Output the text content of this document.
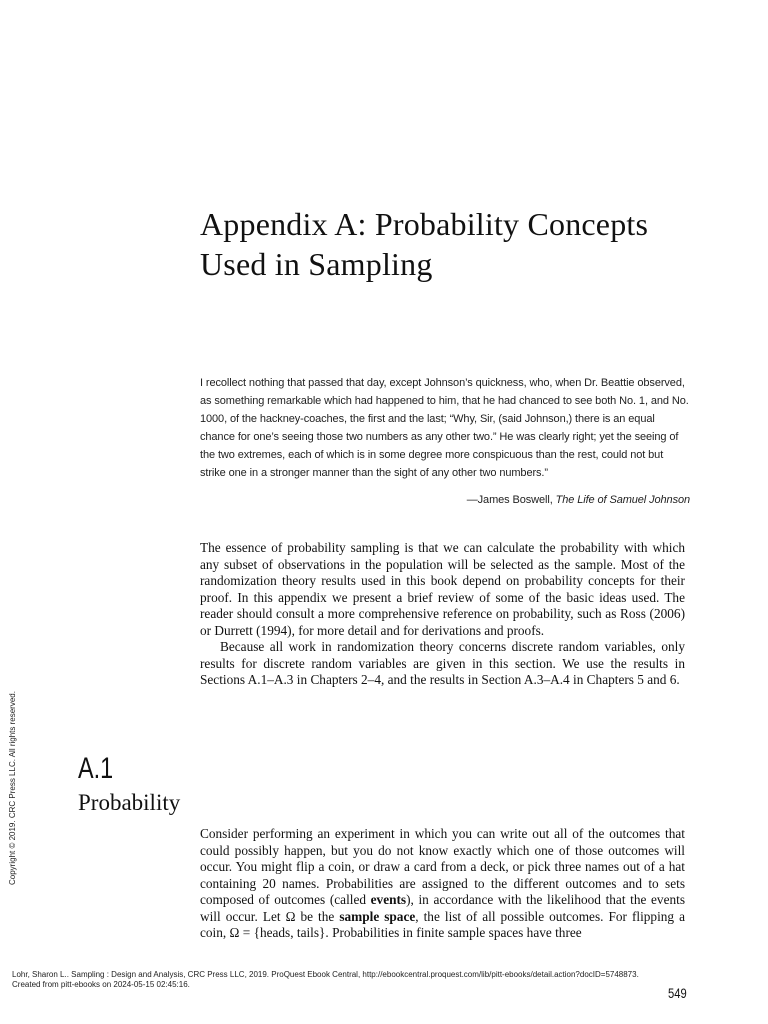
Appendix A: Probability Concepts
Used in Sampling

I recollect nothing that passed that day, except Johnson’s quickness, who, when Dr. Beattie observed, as something remarkable which had happened to him, that he had chanced to see both No. 1, and No. 1000, of the hackney-coaches, the first and the last; “Why, Sir, (said Johnson,) there is an equal chance for one’s seeing those two numbers as any other two.” He was clearly right; yet the seeing of the two extremes, each of which is in some degree more conspicuous than the rest, could not but strike one in a stronger manner than the sight of any other two numbers.”

—James Boswell, The Life of Samuel Johnson

The essence of probability sampling is that we can calculate the probability with which any subset of observations in the population will be selected as the sample. Most of the randomization theory results used in this book depend on probability concepts for their proof. In this appendix we present a brief review of some of the basic ideas used. The reader should consult a more comprehensive reference on probability, such as Ross (2006) or Durrett (1994), for more detail and for derivations and proofs.

Because all work in randomization theory concerns discrete random variables, only results for discrete random variables are given in this section. We use the results in Sections A.1–A.3 in Chapters 2–4, and the results in Section A.3–A.4 in Chapters 5 and 6.

A.1
Probability

Consider performing an experiment in which you can write out all of the outcomes that could possibly happen, but you do not know exactly which one of those outcomes will occur. You might flip a coin, or draw a card from a deck, or pick three names out of a hat containing 20 names. Probabilities are assigned to the different outcomes and to sets composed of outcomes (called events), in accordance with the likelihood that the events will occur. Let Ω be the sample space, the list of all possible outcomes. For flipping a coin, Ω = {heads, tails}. Probabilities in finite sample spaces have three

Copyright © 2019. CRC Press LLC. All rights reserved.
Lohr, Sharon L.. Sampling : Design and Analysis, CRC Press LLC, 2019. ProQuest Ebook Central, http://ebookcentral.proquest.com/lib/pitt-ebooks/detail.action?docID=5748873.
Created from pitt-ebooks on 2024-05-15 02:45:16.
549
